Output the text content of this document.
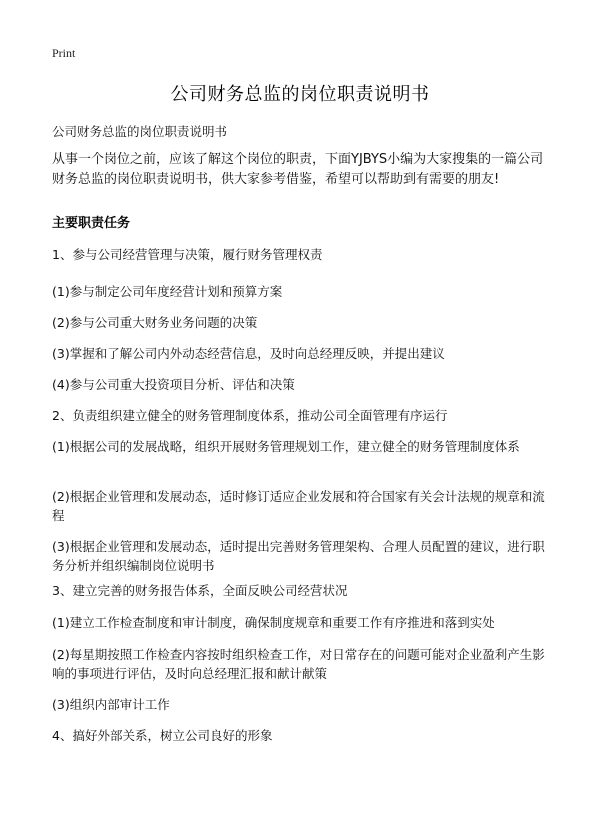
Print
公司财务总监的岗位职责说明书
公司财务总监的岗位职责说明书
从事一个岗位之前，应该了解这个岗位的职责，下面YJBYS小编为大家搜集的一篇公司财务总监的岗位职责说明书，供大家参考借鉴，希望可以帮助到有需要的朋友!
主要职责任务
1、参与公司经营管理与决策，履行财务管理权责
(1)参与制定公司年度经营计划和预算方案
(2)参与公司重大财务业务问题的决策
(3)掌握和了解公司内外动态经营信息，及时向总经理反映，并提出建议
(4)参与公司重大投资项目分析、评估和决策
2、负责组织建立健全的财务管理制度体系，推动公司全面管理有序运行
(1)根据公司的发展战略，组织开展财务管理规划工作，建立健全的财务管理制度体系
(2)根据企业管理和发展动态，适时修订适应企业发展和符合国家有关会计法规的规章和流程
(3)根据企业管理和发展动态，适时提出完善财务管理架构、合理人员配置的建议，进行职务分析并组织编制岗位说明书
3、建立完善的财务报告体系，全面反映公司经营状况
(1)建立工作检查制度和审计制度，确保制度规章和重要工作有序推进和落到实处
(2)每星期按照工作检查内容按时组织检查工作，对日常存在的问题可能对企业盈利产生影响的事项进行评估，及时向总经理汇报和献计献策
(3)组织内部审计工作
4、搞好外部关系，树立公司良好的形象
